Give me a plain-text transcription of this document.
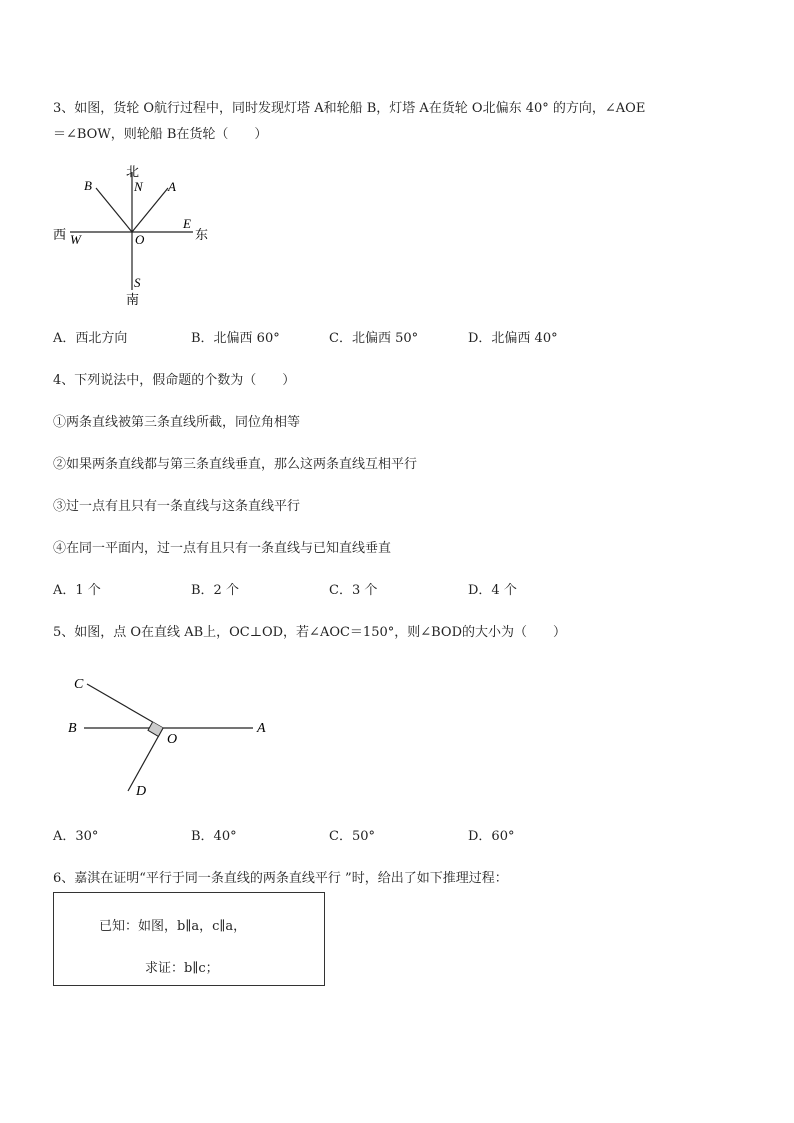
3、如图，货轮 O航行过程中，同时发现灯塔 A和轮船 B，灯塔 A在货轮 O北偏东 40° 的方向，∠AOE
＝∠BOW，则轮船 B在货轮（　　）
北
N A
B
西 W	O
E
东
S
南
A．西北方向	B．北偏西 60°	C．北偏西 50°	D．北偏西 40°
4、下列说法中，假命题的个数为（　　）
①两条直线被第三条直线所截，同位角相等
②如果两条直线都与第三条直线垂直，那么这两条直线互相平行
③过一点有且只有一条直线与这条直线平行
④在同一平面内，过一点有且只有一条直线与已知直线垂直
A．1 个	B．2 个	C．3 个	D．4 个
5、如图，点 O在直线 AB上，OC⊥OD，若∠AOC＝150°，则∠BOD的大小为（　　）
C
B
O
A
D
A．30°	B．40°	C．50°	D．60°
6、嘉淇在证明“平行于同一条直线的两条直线平行 ”时，给出了如下推理过程：
已知：如图，b∥a，c∥a，
求证：b∥c；
